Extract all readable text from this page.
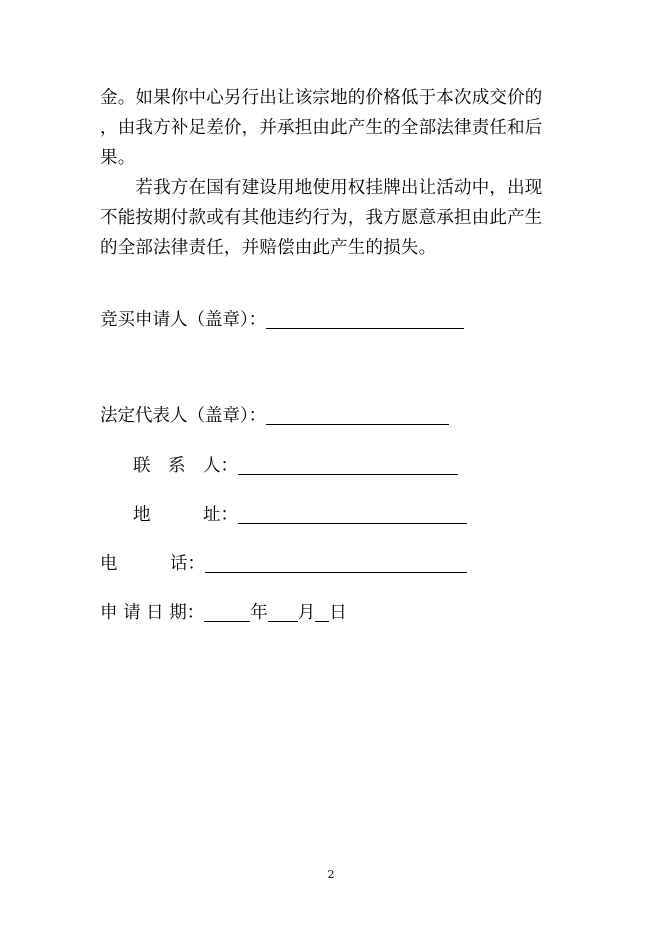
金。如果你中心另行出让该宗地的价格低于本次成交价的
，由我方补足差价，并承担由此产生的全部法律责任和后
果。
　　若我方在国有建设用地使用权挂牌出让活动中，出现
不能按期付款或有其他违约行为，我方愿意承担由此产生
的全部法律责任，并赔偿由此产生的损失。
竞买申请人（盖章）：
法定代表人（盖章）：
联　系　人：
地　　　址：
电　　　话：
申 请 日 期：	年 月 日
2
